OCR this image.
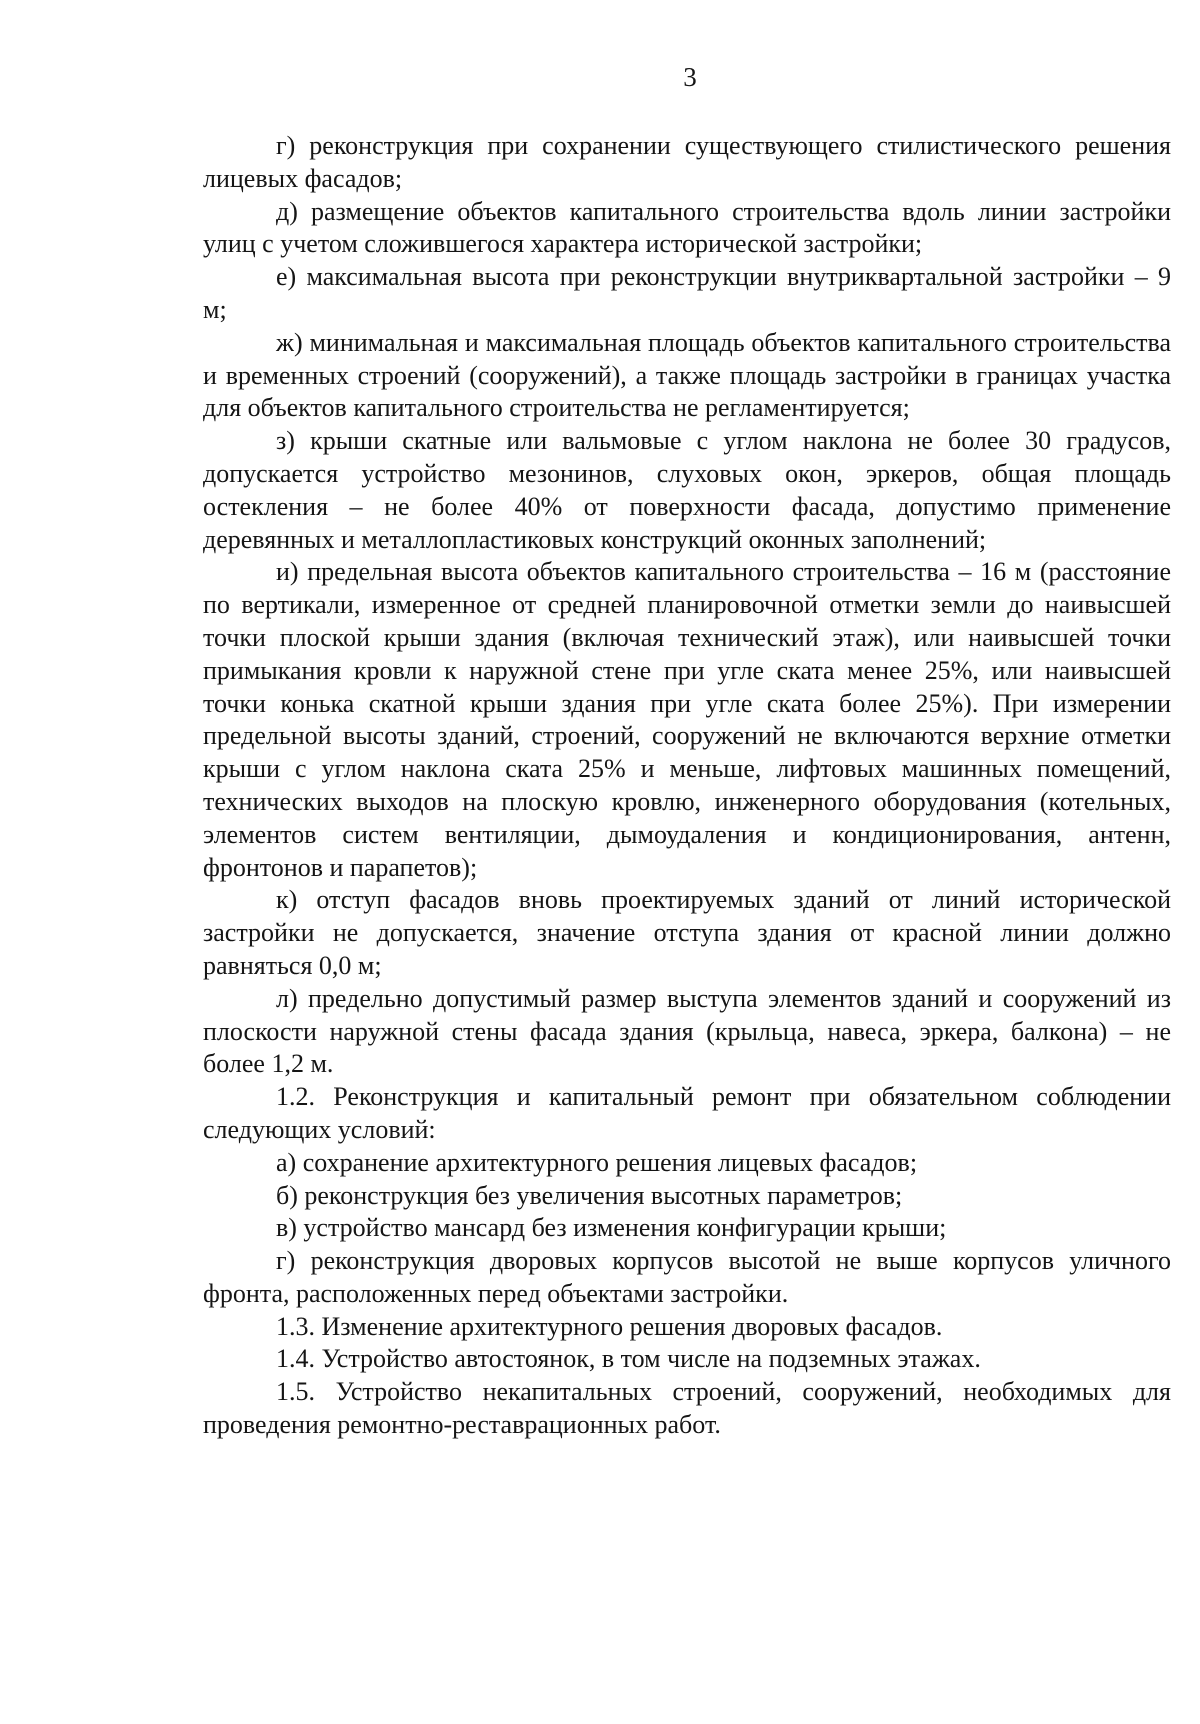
3

г) реконструкция при сохранении существующего стилистического решения лицевых фасадов;

д) размещение объектов капитального строительства вдоль линии застройки улиц с учетом сложившегося характера исторической застройки;

е) максимальная высота при реконструкции внутриквартальной застройки – 9 м;

ж) минимальная и максимальная площадь объектов капитального строительства и временных строений (сооружений), а также площадь застройки в границах участка для объектов капитального строительства не регламентируется;

з) крыши скатные или вальмовые с углом наклона не более 30 градусов, допускается устройство мезонинов, слуховых окон, эркеров, общая площадь остекления – не более 40% от поверхности фасада, допустимо применение деревянных и металлопластиковых конструкций оконных заполнений;

и) предельная высота объектов капитального строительства – 16 м (расстояние по вертикали, измеренное от средней планировочной отметки земли до наивысшей точки плоской крыши здания (включая технический этаж), или наивысшей точки примыкания кровли к наружной стене при угле ската менее 25%, или наивысшей точки конька скатной крыши здания при угле ската более 25%). При измерении предельной высоты зданий, строений, сооружений не включаются верхние отметки крыши с углом наклона ската 25% и меньше, лифтовых машинных помещений, технических выходов на плоскую кровлю, инженерного оборудования (котельных, элементов систем вентиляции, дымоудаления и кондиционирования, антенн, фронтонов и парапетов);

к) отступ фасадов вновь проектируемых зданий от линий исторической застройки не допускается, значение отступа здания от красной линии должно равняться 0,0 м;

л) предельно допустимый размер выступа элементов зданий и сооружений из плоскости наружной стены фасада здания (крыльца, навеса, эркера, балкона) – не более 1,2 м.

1.2. Реконструкция и капитальный ремонт при обязательном соблюдении следующих условий:

а) сохранение архитектурного решения лицевых фасадов;

б) реконструкция без увеличения высотных параметров;

в) устройство мансард без изменения конфигурации крыши;

г) реконструкция дворовых корпусов высотой не выше корпусов уличного фронта, расположенных перед объектами застройки.

1.3. Изменение архитектурного решения дворовых фасадов.

1.4. Устройство автостоянок, в том числе на подземных этажах.

1.5. Устройство некапитальных строений, сооружений, необходимых для проведения ремонтно-реставрационных работ.
